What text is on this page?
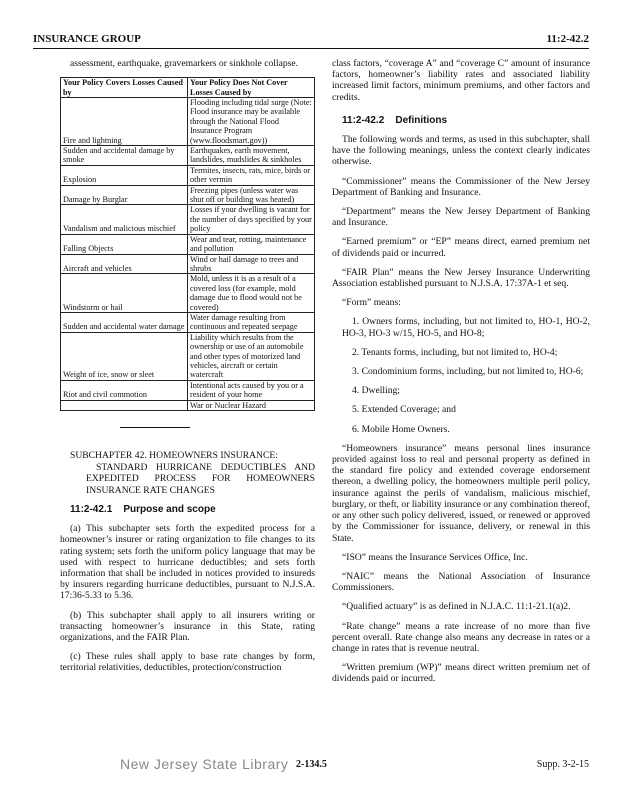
INSURANCE GROUP	11:2-42.2

assessment, earthquake, gravemarkers or sinkhole collapse.

Your Policy Covers Losses Caused by	Your Policy Does Not Cover Losses Caused by
Fire and lightning	Flooding including tidal surge (Note: Flood insurance may be available through the National Flood Insurance Program (www.floodsmart.gov))
Sudden and accidental damage by smoke	Earthquakes, earth movement, landslides, mudslides & sinkholes
Explosion	Termites, insects, rats, mice, birds or other vermin
Damage by Burglar	Freezing pipes (unless water was shut off or building was heated)
Vandalism and malicious mischief	Losses if your dwelling is vacant for the number of days specified by your policy
Falling Objects	Wear and tear, rotting, maintenance and pollution
Aircraft and vehicles	Wind or hail damage to trees and shrubs
Windstorm or hail	Mold, unless it is as a result of a covered loss (for example, mold damage due to flood would not be covered)
Sudden and accidental water damage	Water damage resulting from continuous and repeated seepage
Weight of ice, snow or sleet	Liability which results from the ownership or use of an automobile and other types of motorized land vehicles, aircraft or certain watercraft
Riot and civil commotion	Intentional acts caused by you or a resident of your home
	War or Nuclear Hazard

SUBCHAPTER 42. HOMEOWNERS INSURANCE:
STANDARD HURRICANE DEDUCTIBLES AND EXPEDITED PROCESS FOR HOMEOWNERS INSURANCE RATE CHANGES

11:2-42.1 Purpose and scope

(a) This subchapter sets forth the expedited process for a homeowner’s insurer or rating organization to file changes to its rating system; sets forth the uniform policy language that may be used with respect to hurricane deductibles; and sets forth information that shall be included in notices provided to insureds by insurers regarding hurricane deductibles, pursuant to N.J.S.A. 17:36-5.33 to 5.36.

(b) This subchapter shall apply to all insurers writing or transacting homeowner’s insurance in this State, rating organizations, and the FAIR Plan.

(c) These rules shall apply to base rate changes by form, territorial relativities, deductibles, protection/construction

class factors, “coverage A” and “coverage C” amount of insurance factors, homeowner’s liability rates and associated liability increased limit factors, minimum premiums, and other factors and credits.

11:2-42.2 Definitions

The following words and terms, as used in this subchapter, shall have the following meanings, unless the context clearly indicates otherwise.

“Commissioner” means the Commissioner of the New Jersey Department of Banking and Insurance.

“Department” means the New Jersey Department of Banking and Insurance.

“Earned premium” or “EP” means direct, earned premium net of dividends paid or incurred.

“FAIR Plan” means the New Jersey Insurance Underwriting Association established pursuant to N.J.S.A. 17:37A-1 et seq.

“Form” means:

1. Owners forms, including, but not limited to, HO-1, HO-2, HO-3, HO-3 w/15, HO-5, and HO-8;

2. Tenants forms, including, but not limited to, HO-4;

3. Condominium forms, including, but not limited to, HO-6;

4. Dwelling;

5. Extended Coverage; and

6. Mobile Home Owners.

“Homeowners insurance” means personal lines insurance provided against loss to real and personal property as defined in the standard fire policy and extended coverage endorsement thereon, a dwelling policy, the homeowners multiple peril policy, insurance against the perils of vandalism, malicious mischief, burglary, or theft, or liability insurance or any combination thereof, or any other such policy delivered, issued, or renewed or approved by the Commissioner for issuance, delivery, or renewal in this State.

“ISO” means the Insurance Services Office, Inc.

“NAIC” means the National Association of Insurance Commissioners.

“Qualified actuary” is as defined in N.J.A.C. 11:1-21.1(a)2.

“Rate change” means a rate increase of no more than five percent overall. Rate change also means any decrease in rates or a change in rates that is revenue neutral.

“Written premium (WP)” means direct written premium net of dividends paid or incurred.

New Jersey State Library 2-134.5	Supp. 3-2-15
